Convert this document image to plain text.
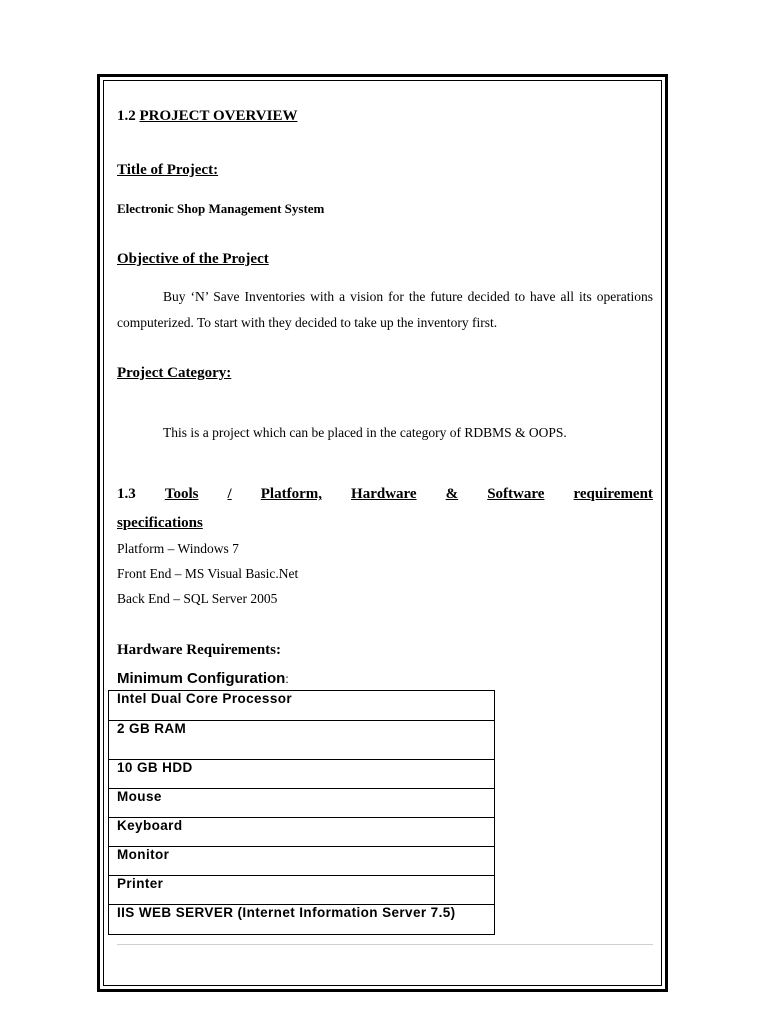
1.2 PROJECT OVERVIEW
Title of Project:
Electronic Shop Management System
Objective of the Project
Buy ‘N’ Save Inventories with a vision for the future decided to have all its operations computerized. To start with they decided to take up the inventory first.
Project Category:
This is a project which can be placed in the category of RDBMS & OOPS.
1.3 Tools / Platform, Hardware & Software requirement
specifications
Platform – Windows 7
Front End – MS Visual Basic.Net
Back End – SQL Server 2005
Hardware Requirements:
Minimum Configuration:
Intel Dual Core Processor
2 GB RAM
10 GB HDD
Mouse
Keyboard
Monitor
Printer
IIS WEB SERVER (Internet Information Server 7.5)
